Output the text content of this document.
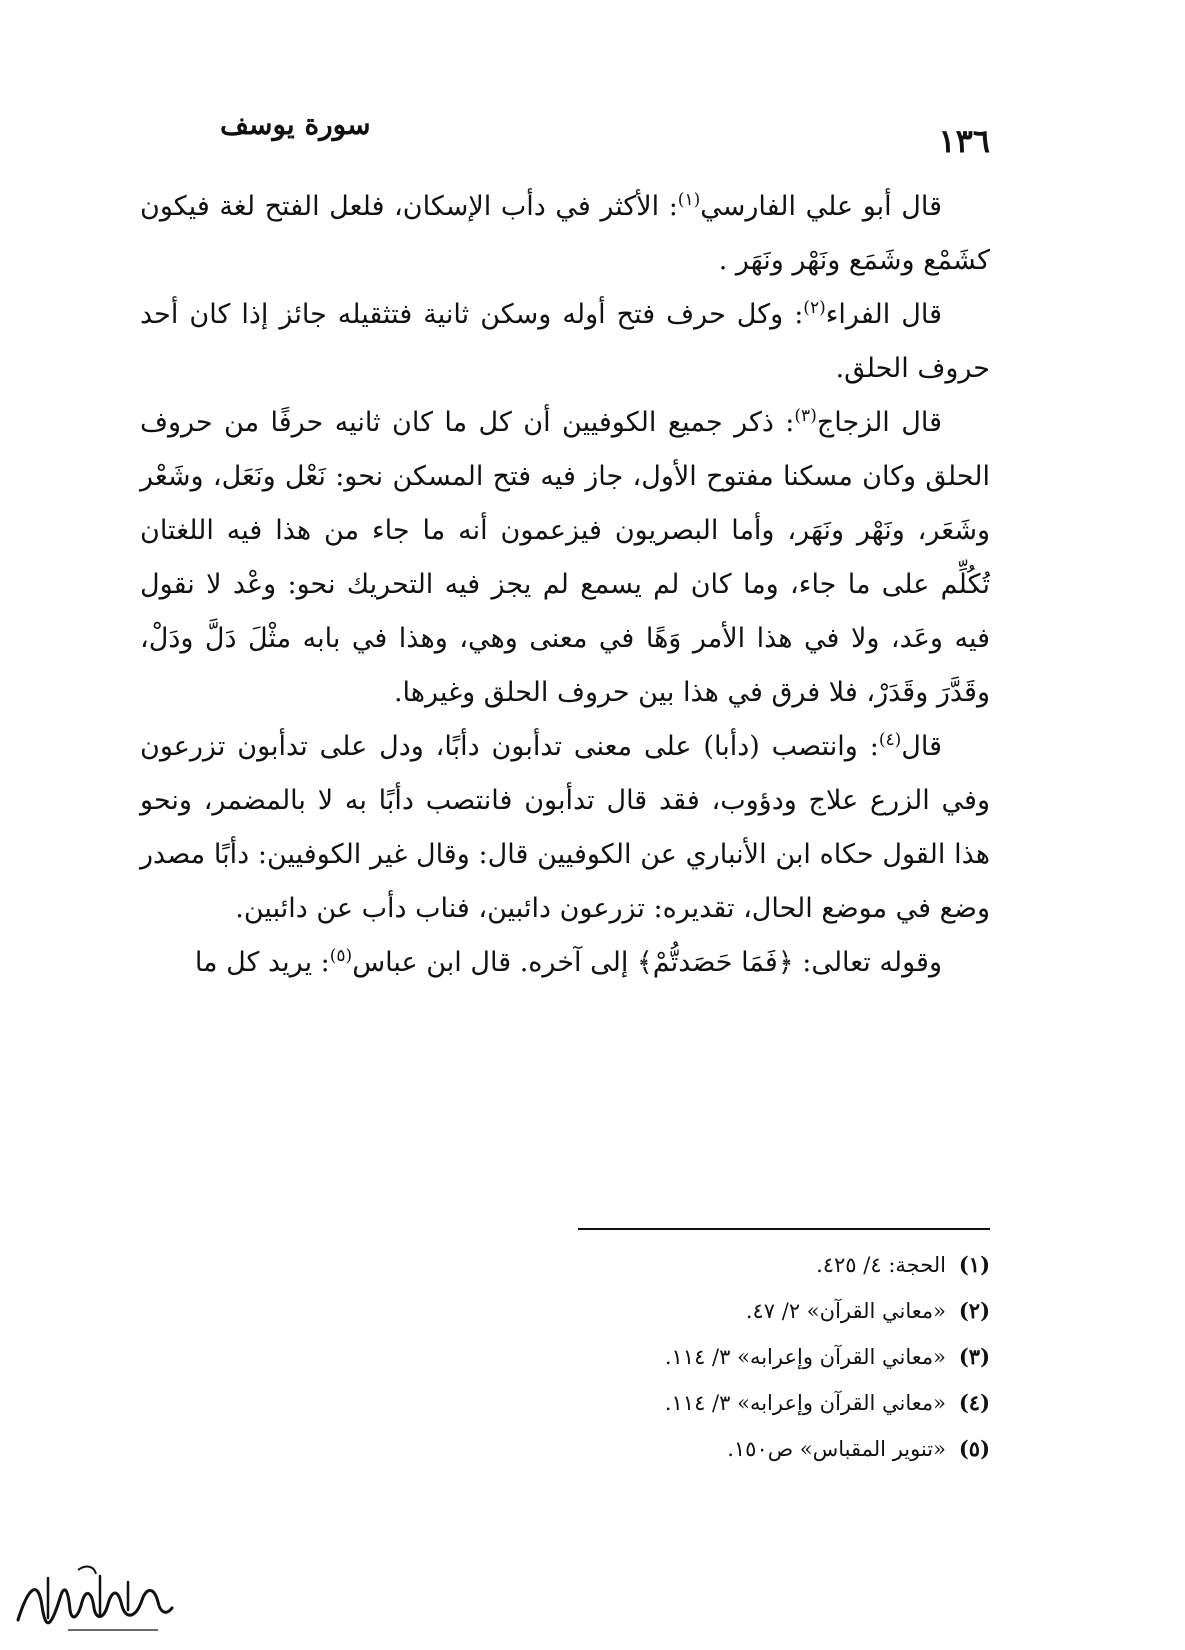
١٣٦
سورة يوسف

قال أبو علي الفارسي$^{(١)}$: الأكثر في دأب الإسكان، فلعل الفتح لغة فيكون كشَمْع وشَمَع ونَهْر ونَهَر .

قال الفراء$^{(٢)}$: وكل حرف فتح أوله وسكن ثانية فتثقيله جائز إذا كان أحد حروف الحلق.

قال الزجاج$^{(٣)}$: ذكر جميع الكوفيين أن كل ما كان ثانيه حرفًا من حروف الحلق وكان مسكنا مفتوح الأول، جاز فيه فتح المسكن نحو: نَعْل ونَعَل، وشَعْر وشَعَر، ونَهْر ونَهَر، وأما البصريون فيزعمون أنه ما جاء من هذا فيه اللغتان تُكُلِّم على ما جاء، وما كان لم يسمع لم يجز فيه التحريك نحو: وعْد لا نقول فيه وعَد، ولا في هذا الأمر وَهًا في معنى وهي، وهذا في بابه مثْلَ دَلَّ ودَلْ، وقَدَّرَ وقَدَرْ، فلا فرق في هذا بين حروف الحلق وغيرها.

قال$^{(٤)}$: وانتصب (دأبا) على معنى تدأبون دأبًا، ودل على تدأبون تزرعون وفي الزرع علاج ودؤوب، فقد قال تدأبون فانتصب دأبًا به لا بالمضمر، ونحو هذا القول حكاه ابن الأنباري عن الكوفيين قال: وقال غير الكوفيين: دأبًا مصدر وضع في موضع الحال، تقديره: تزرعون دائبين، فناب دأب عن دائبين.

وقوله تعالى: ﴿فَمَا حَصَدتُّمْ﴾ إلى آخره. قال ابن عباس$^{(٥)}$: يريد كل ما

(١)الحجة: ٤/ ٤٢٥.
(٢)«معاني القرآن» ٢/ ٤٧.
(٣)«معاني القرآن وإعرابه» ٣/ ١١٤.
(٤)«معاني القرآن وإعرابه» ٣/ ١١٤.
(٥)«تنوير المقباس» ص١٥٠.
